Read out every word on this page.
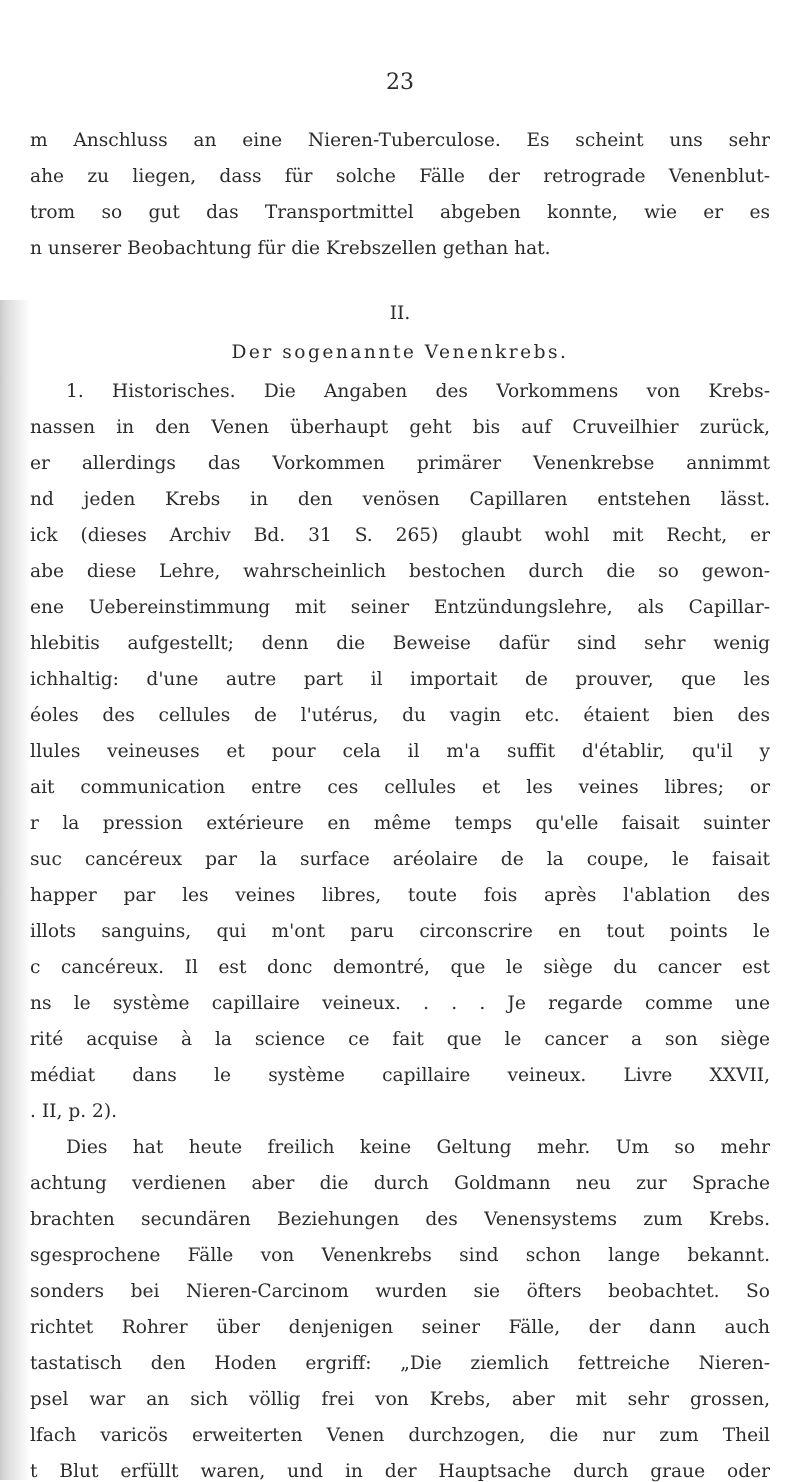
23
m Anschluss an eine Nieren-Tuberculose. Es scheint uns sehr
ahe zu liegen, dass für solche Fälle der retrograde Venenblut-
trom so gut das Transportmittel abgeben konnte, wie er es
n unserer Beobachtung für die Krebszellen gethan hat.
II.
Der sogenannte Venenkrebs.
1. Historisches. Die Angaben des Vorkommens von Krebs-
nassen in den Venen überhaupt geht bis auf Cruveilhier zurück,
er allerdings das Vorkommen primärer Venenkrebse annimmt
nd jeden Krebs in den venösen Capillaren entstehen lässt.
ick (dieses Archiv Bd. 31 S. 265) glaubt wohl mit Recht, er
abe diese Lehre, wahrscheinlich bestochen durch die so gewon-
ene Uebereinstimmung mit seiner Entzündungslehre, als Capillar-
hlebitis aufgestellt; denn die Beweise dafür sind sehr wenig
ichhaltig: d'une autre part il importait de prouver, que les
éoles des cellules de l'utérus, du vagin etc. étaient bien des
llules veineuses et pour cela il m'a suffit d'établir, qu'il y
ait communication entre ces cellules et les veines libres; or
r la pression extérieure en même temps qu'elle faisait suinter
suc cancéreux par la surface aréolaire de la coupe, le faisait
happer par les veines libres, toute fois après l'ablation des
illots sanguins, qui m'ont paru circonscrire en tout points le
c cancéreux. Il est donc demontré, que le siège du cancer est
ns le système capillaire veineux. . . . Je regarde comme une
rité acquise à la science ce fait que le cancer a son siège
médiat dans le système capillaire veineux. Livre XXVII,
. II, p. 2).
Dies hat heute freilich keine Geltung mehr. Um so mehr
achtung verdienen aber die durch Goldmann neu zur Sprache
brachten secundären Beziehungen des Venensystems zum Krebs.
sgesprochene Fälle von Venenkrebs sind schon lange bekannt.
sonders bei Nieren-Carcinom wurden sie öfters beobachtet. So
richtet Rohrer über denjenigen seiner Fälle, der dann auch
tastatisch den Hoden ergriff: „Die ziemlich fettreiche Nieren-
psel war an sich völlig frei von Krebs, aber mit sehr grossen,
lfach varicös erweiterten Venen durchzogen, die nur zum Theil
t Blut erfüllt waren, und in der Hauptsache durch graue oder
